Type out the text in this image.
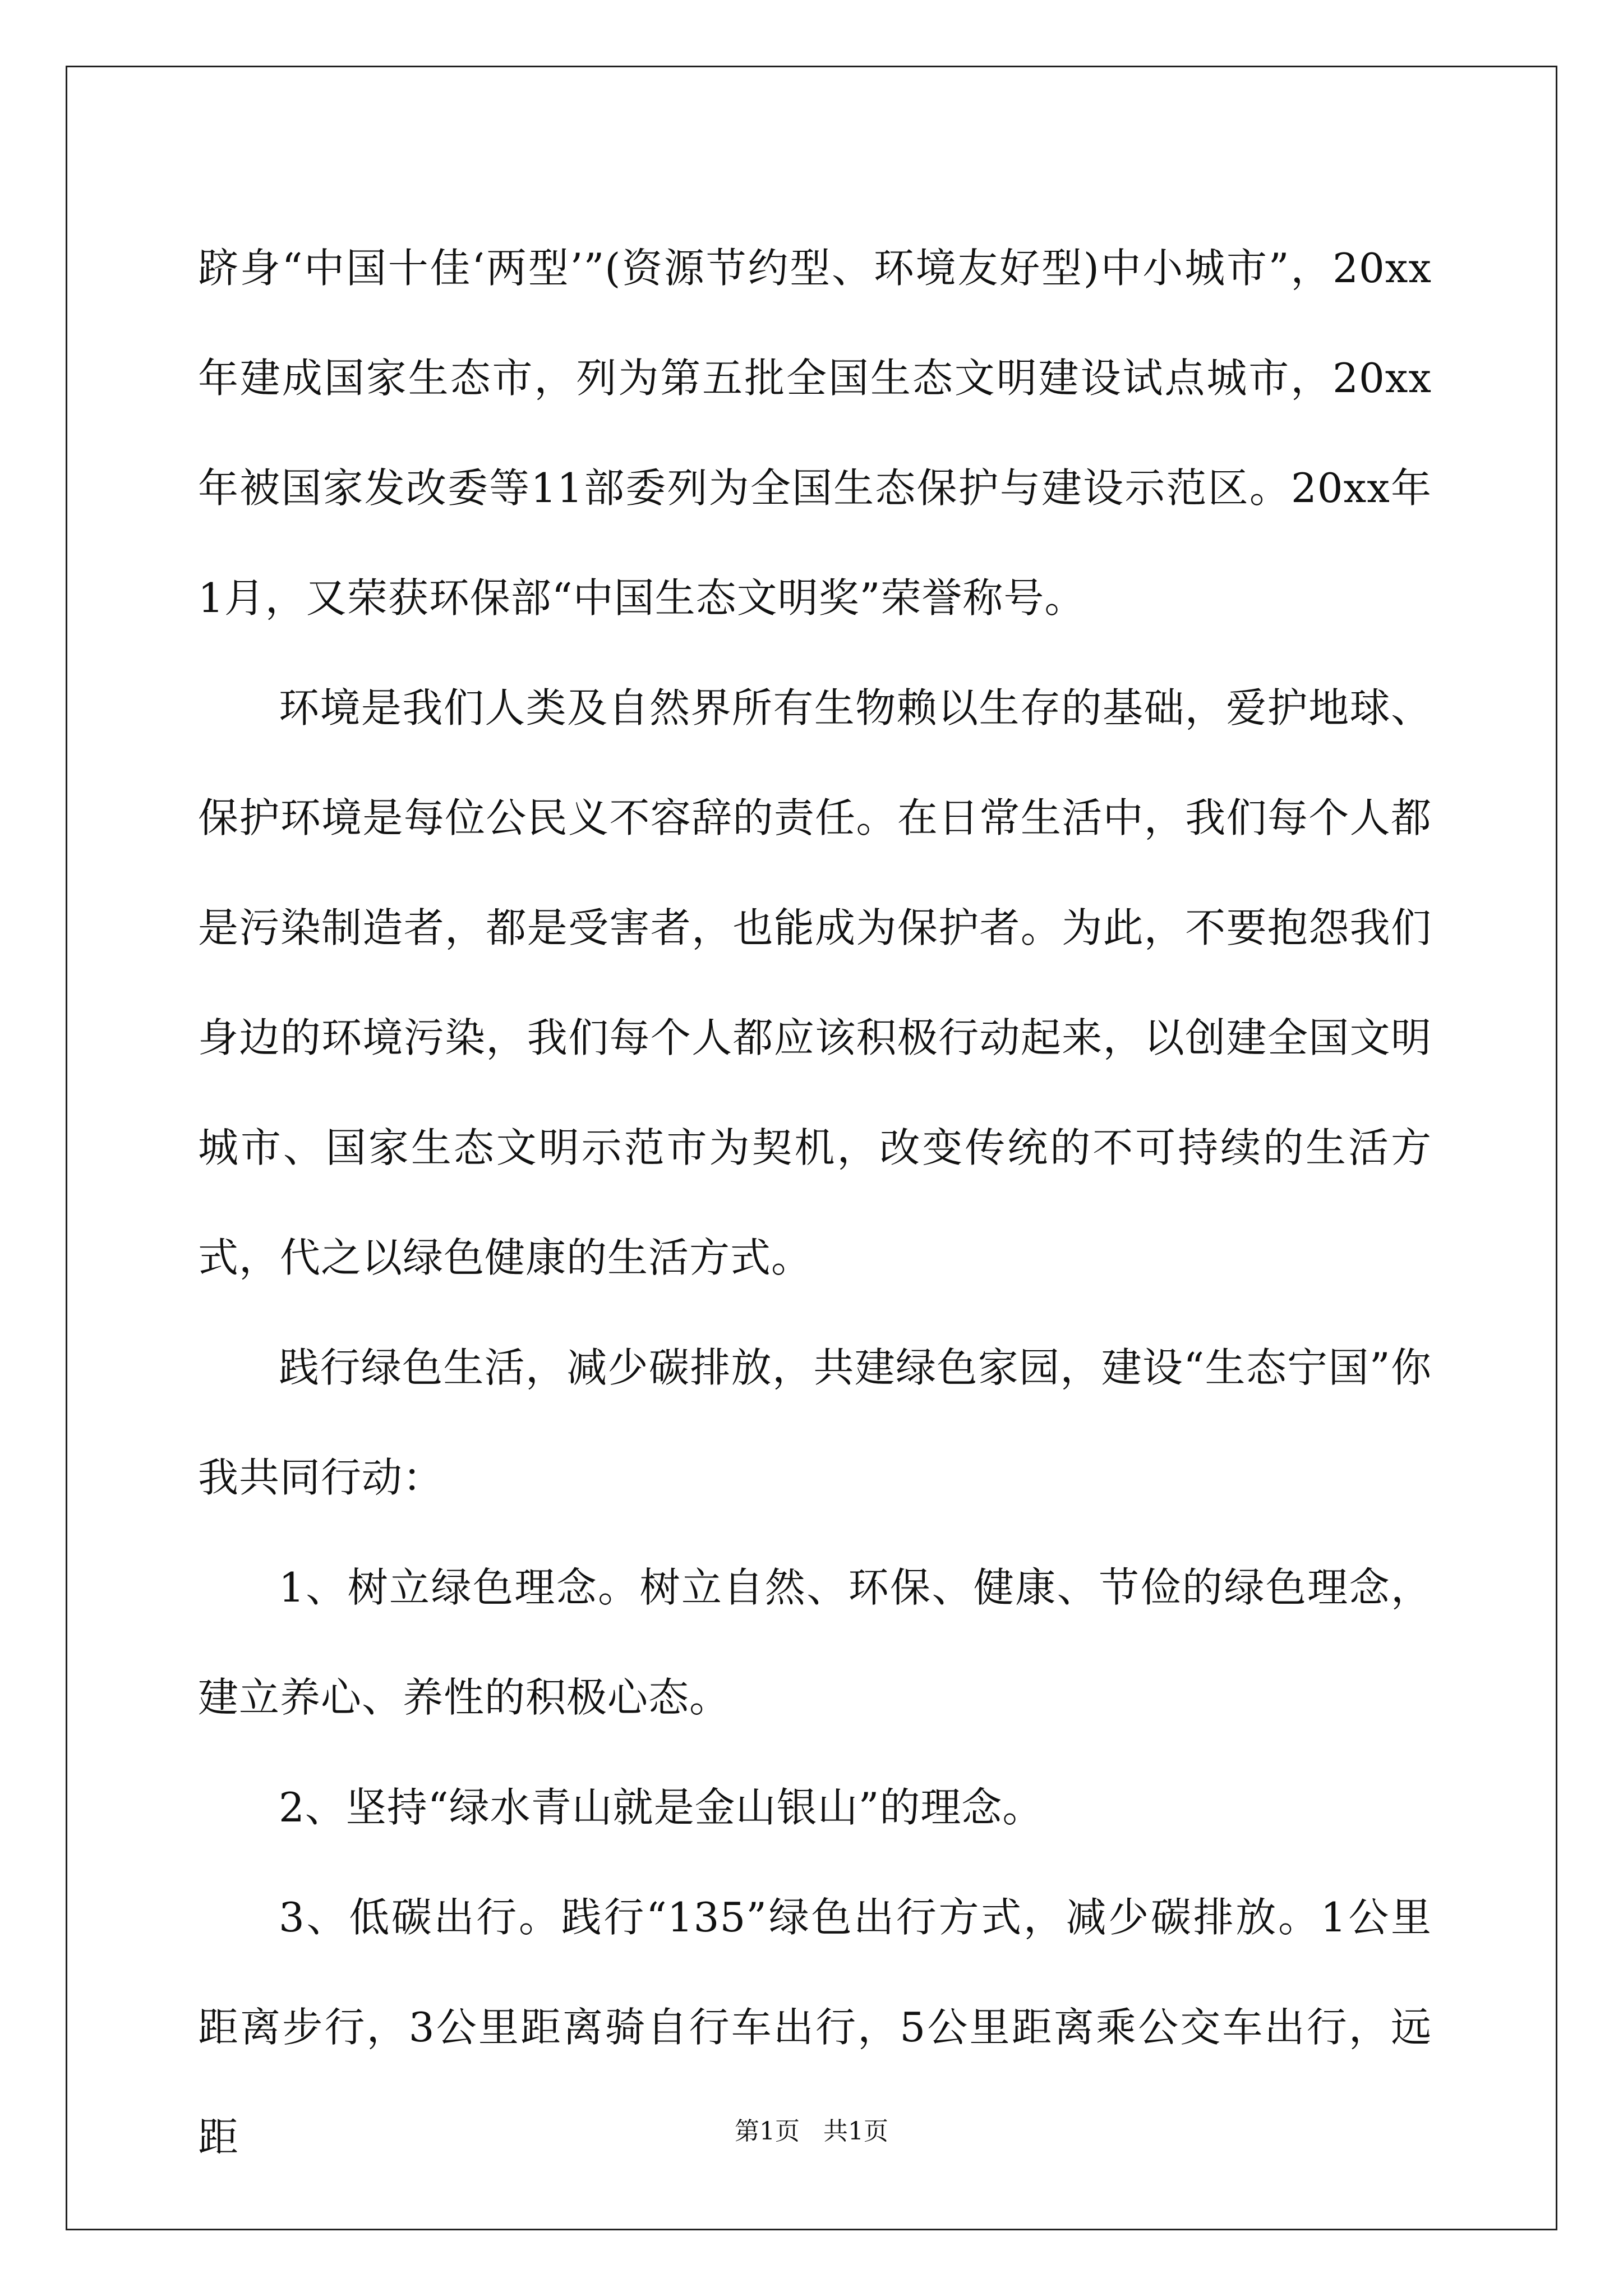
跻身“中国十佳‘两型’”(资源节约型、环境友好型)中小城市”，20xx年建成国家生态市，列为第五批全国生态文明建设试点城市，20xx年被国家发改委等11部委列为全国生态保护与建设示范区。20xx年1月，又荣获环保部“中国生态文明奖”荣誉称号。

环境是我们人类及自然界所有生物赖以生存的基础，爱护地球、保护环境是每位公民义不容辞的责任。在日常生活中，我们每个人都是污染制造者，都是受害者，也能成为保护者。为此，不要抱怨我们身边的环境污染，我们每个人都应该积极行动起来，以创建全国文明城市、国家生态文明示范市为契机，改变传统的不可持续的生活方式，代之以绿色健康的生活方式。

践行绿色生活，减少碳排放，共建绿色家园，建设“生态宁国”你我共同行动：

1、树立绿色理念。树立自然、环保、健康、节俭的绿色理念，建立养心、养性的积极心态。

2、坚持“绿水青山就是金山银山”的理念。

3、低碳出行。践行“135”绿色出行方式，减少碳排放。1公里距离步行，3公里距离骑自行车出行，5公里距离乘公交车出行，远距	第1页   共1页
